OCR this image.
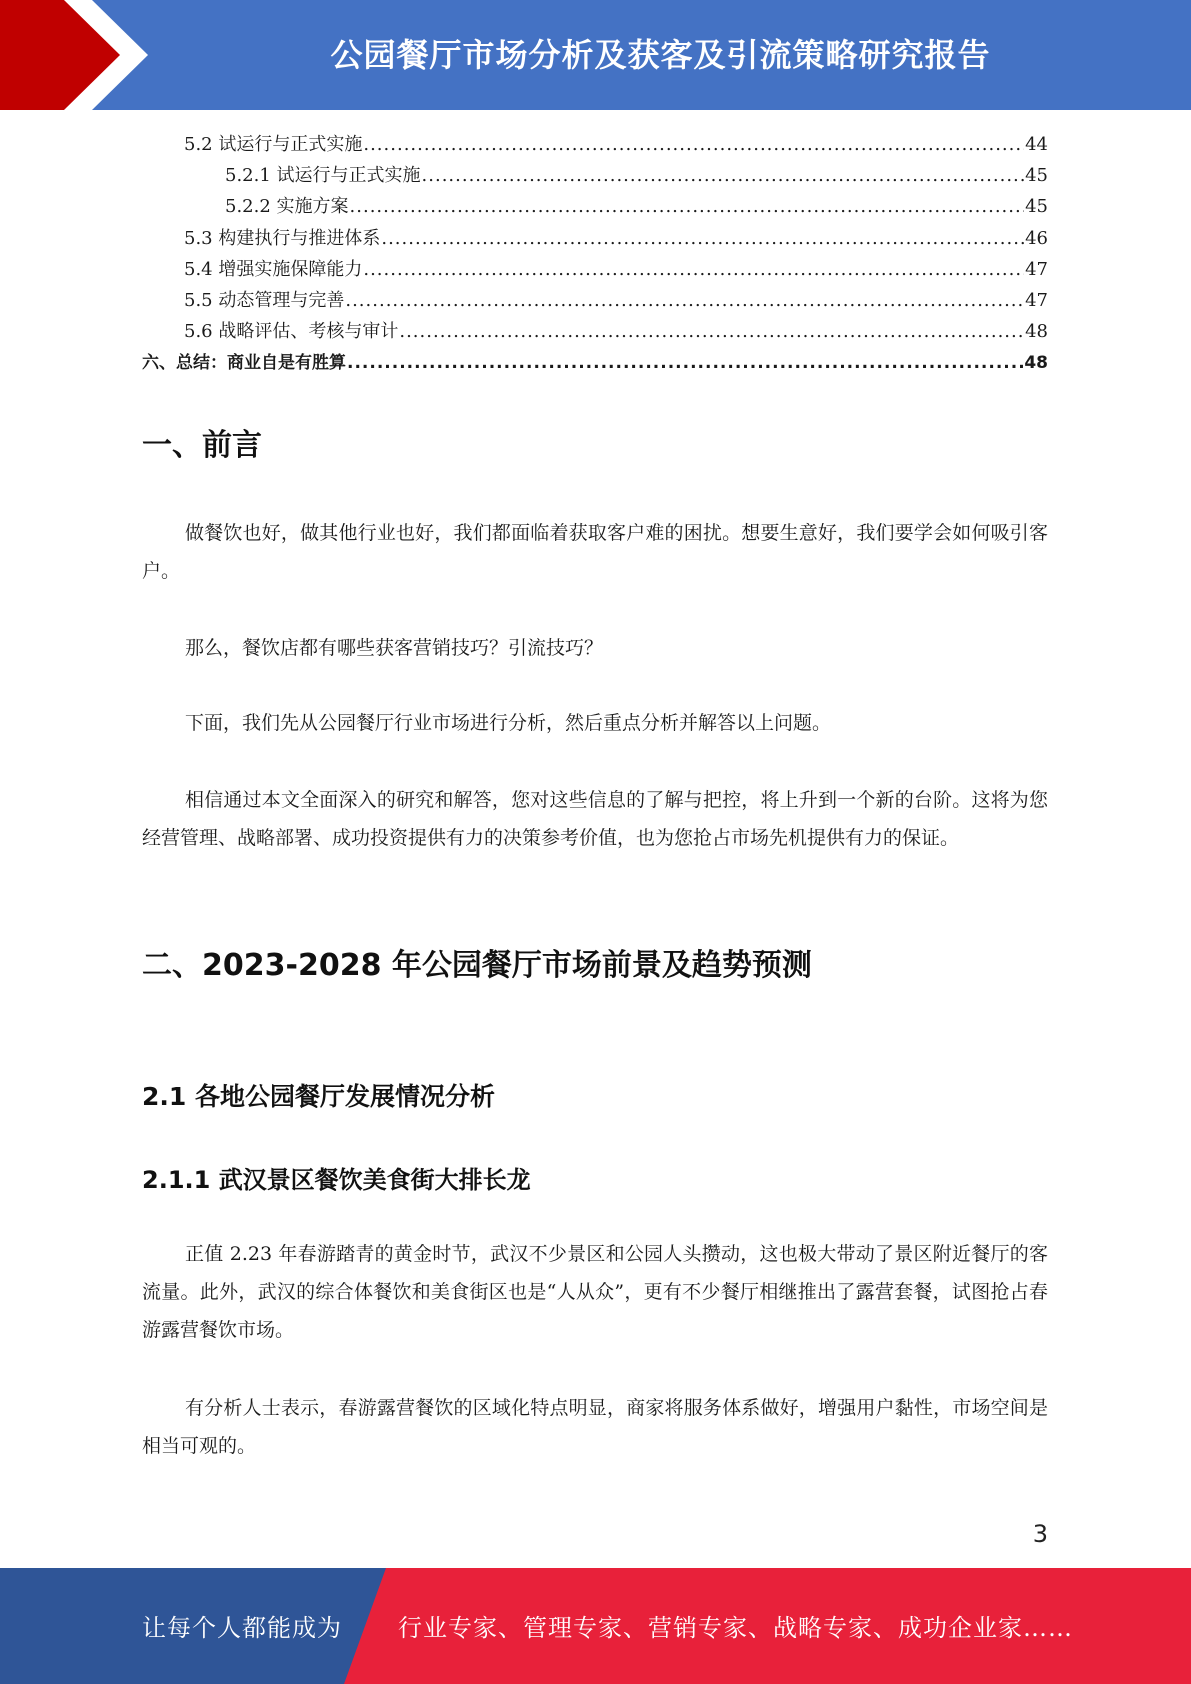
公园餐厅市场分析及获客及引流策略研究报告
5.2 试运行与正式实施 .....	44
5.2.1 试运行与正式实施 .....	45
5.2.2 实施方案 .....	45
5.3 构建执行与推进体系 .....	46
5.4 增强实施保障能力 .....	47
5.5 动态管理与完善 .....	47
5.6 战略评估、考核与审计 .....	48
六、总结：商业自是有胜算 .....	48
一、前言

做餐饮也好，做其他行业也好，我们都面临着获取客户难的困扰。想要生意好，我们要学会如何吸引客户。

那么，餐饮店都有哪些获客营销技巧？引流技巧？

下面，我们先从公园餐厅行业市场进行分析，然后重点分析并解答以上问题。

相信通过本文全面深入的研究和解答，您对这些信息的了解与把控，将上升到一个新的台阶。这将为您经营管理、战略部署、成功投资提供有力的决策参考价值，也为您抢占市场先机提供有力的保证。

二、2023-2028 年公园餐厅市场前景及趋势预测
2.1 各地公园餐厅发展情况分析
2.1.1 武汉景区餐饮美食街大排长龙

正值 2.23 年春游踏青的黄金时节，武汉不少景区和公园人头攒动，这也极大带动了景区附近餐厅的客流量。此外，武汉的综合体餐饮和美食街区也是“人从众”，更有不少餐厅相继推出了露营套餐，试图抢占春游露营餐饮市场。

有分析人士表示，春游露营餐饮的区域化特点明显，商家将服务体系做好，增强用户黏性，市场空间是相当可观的。

3
让每个人都能成为 行业专家、管理专家、营销专家、战略专家、成功企业家……
